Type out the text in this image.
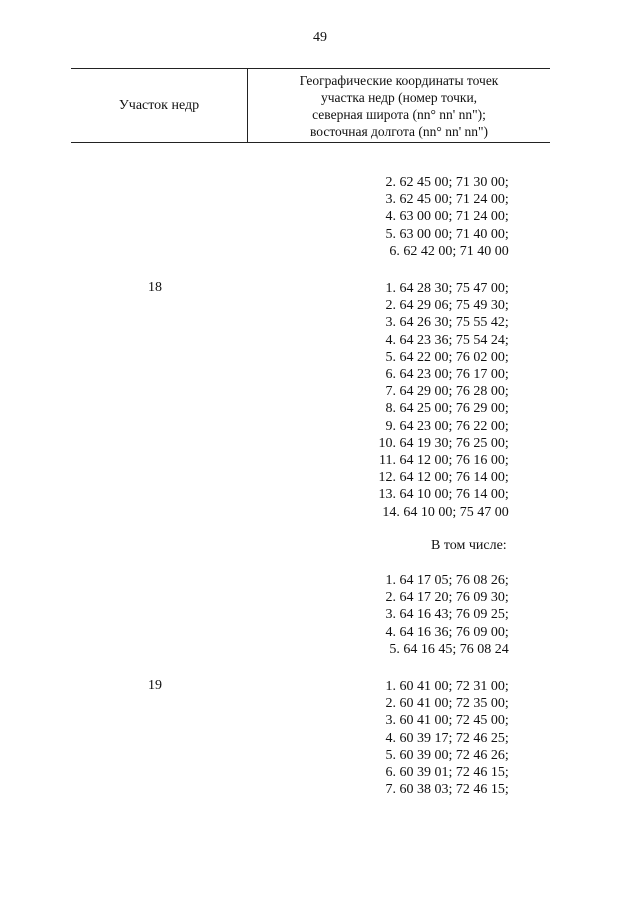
49
Участок недр
Географические координаты точек
участка недр (номер точки,
северная широта (nn° nn' nn");
восточная долгота (nn° nn' nn")
2. 62 45 00; 71 30 00;
3. 62 45 00; 71 24 00;
4. 63 00 00; 71 24 00;
5. 63 00 00; 71 40 00;
6. 62 42 00; 71 40 00
18	1. 64 28 30; 75 47 00;
2. 64 29 06; 75 49 30;
3. 64 26 30; 75 55 42;
4. 64 23 36; 75 54 24;
5. 64 22 00; 76 02 00;
6. 64 23 00; 76 17 00;
7. 64 29 00; 76 28 00;
8. 64 25 00; 76 29 00;
9. 64 23 00; 76 22 00;
10. 64 19 30; 76 25 00;
11. 64 12 00; 76 16 00;
12. 64 12 00; 76 14 00;
13. 64 10 00; 76 14 00;
14. 64 10 00; 75 47 00
В том числе:
1. 64 17 05; 76 08 26;
2. 64 17 20; 76 09 30;
3. 64 16 43; 76 09 25;
4. 64 16 36; 76 09 00;
5. 64 16 45; 76 08 24
19	1. 60 41 00; 72 31 00;
2. 60 41 00; 72 35 00;
3. 60 41 00; 72 45 00;
4. 60 39 17; 72 46 25;
5. 60 39 00; 72 46 26;
6. 60 39 01; 72 46 15;
7. 60 38 03; 72 46 15;
